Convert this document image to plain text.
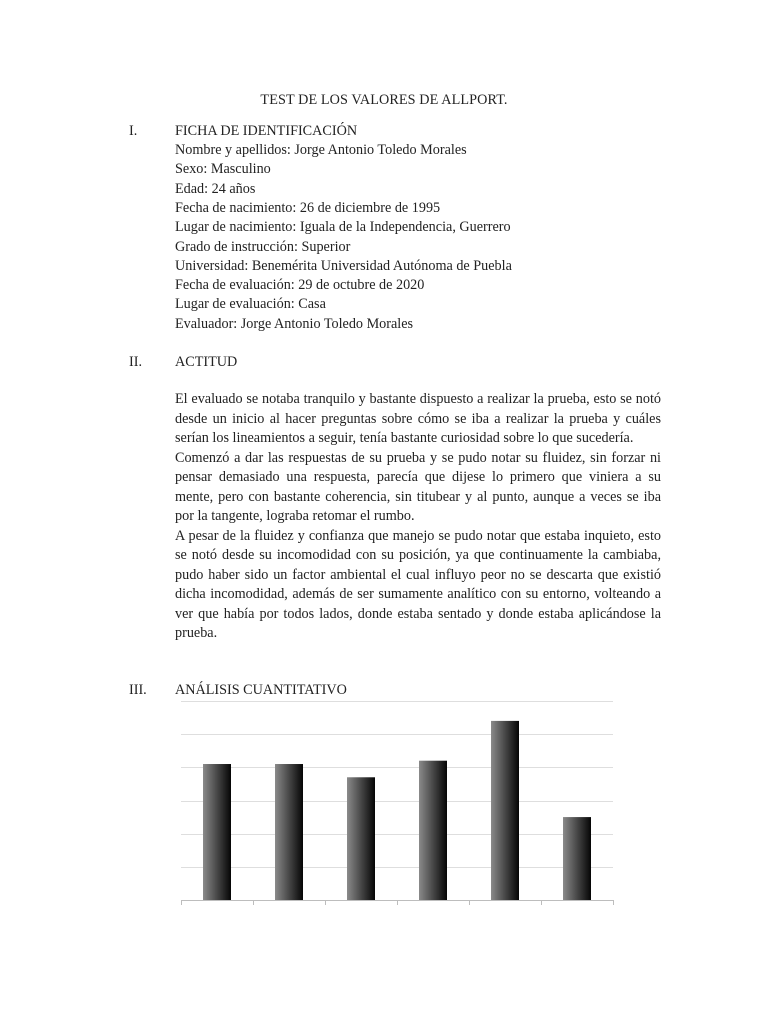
TEST DE LOS VALORES DE ALLPORT.
I.	FICHA DE IDENTIFICACIÓN
Nombre y apellidos: Jorge Antonio Toledo Morales
Sexo: Masculino
Edad: 24 años
Fecha de nacimiento: 26 de diciembre de 1995
Lugar de nacimiento: Iguala de la Independencia, Guerrero
Grado de instrucción: Superior
Universidad: Benemérita Universidad Autónoma de Puebla
Fecha de evaluación: 29 de octubre de 2020
Lugar de evaluación: Casa
Evaluador: Jorge Antonio Toledo Morales
II. ACTITUD

El evaluado se notaba tranquilo y bastante dispuesto a realizar la prueba, esto se notó desde un inicio al hacer preguntas sobre cómo se iba a realizar la prueba y cuáles serían los lineamientos a seguir, tenía bastante curiosidad sobre lo que sucedería.

Comenzó a dar las respuestas de su prueba y se pudo notar su fluidez, sin forzar ni pensar demasiado una respuesta, parecía que dijese lo primero que viniera a su mente, pero con bastante coherencia, sin titubear y al punto, aunque a veces se iba por la tangente, lograba retomar el rumbo.

A pesar de la fluidez y confianza que manejo se pudo notar que estaba inquieto, esto se notó desde su incomodidad con su posición, ya que continuamente la cambiaba, pudo haber sido un factor ambiental el cual influyo peor no se descarta que existió dicha incomodidad, además de ser sumamente analítico con su entorno, volteando a ver que había por todos lados, donde estaba sentado y donde estaba aplicándose la prueba.

III. ANÁLISIS CUANTITATIVO
